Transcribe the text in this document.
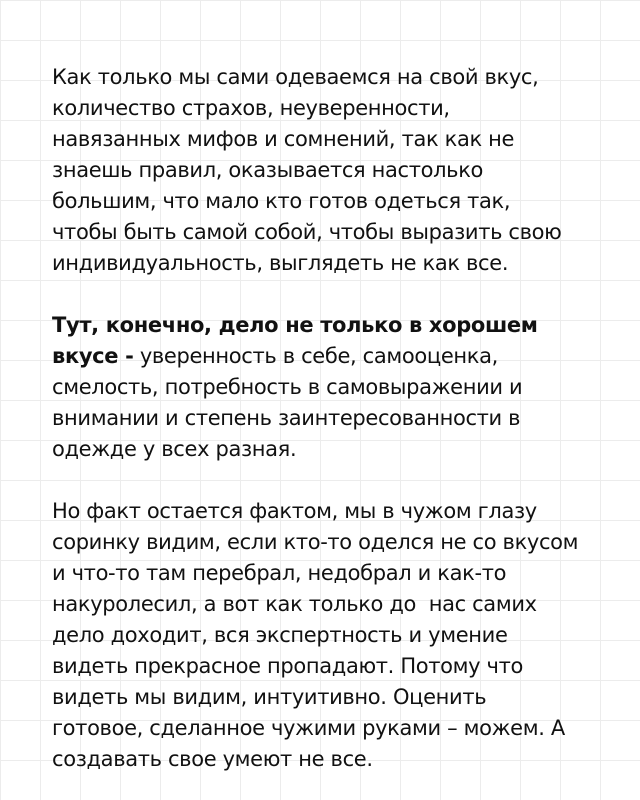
Как только мы сами одеваемся на свой вкус,
количество страхов, неуверенности,
навязанных мифов и сомнений, так как не
знаешь правил, оказывается настолько
большим, что мало кто готов одеться так,
чтобы быть самой собой, чтобы выразить свою
индивидуальность, выглядеть не как все.

Тут, конечно, дело не только в хорошем
вкусе - уверенность в себе, самооценка,
смелость, потребность в самовыражении и
внимании и степень заинтересованности в
одежде у всех разная.

Но факт остается фактом, мы в чужом глазу
соринку видим, если кто-то оделся не со вкусом
и что-то там перебрал, недобрал и как-то
накуролесил, а вот как только до  нас самих
дело доходит, вся экспертность и умение
видеть прекрасное пропадают. Потому что
видеть мы видим, интуитивно. Оценить
готовое, сделанное чужими руками – можем. А
создавать свое умеют не все.
